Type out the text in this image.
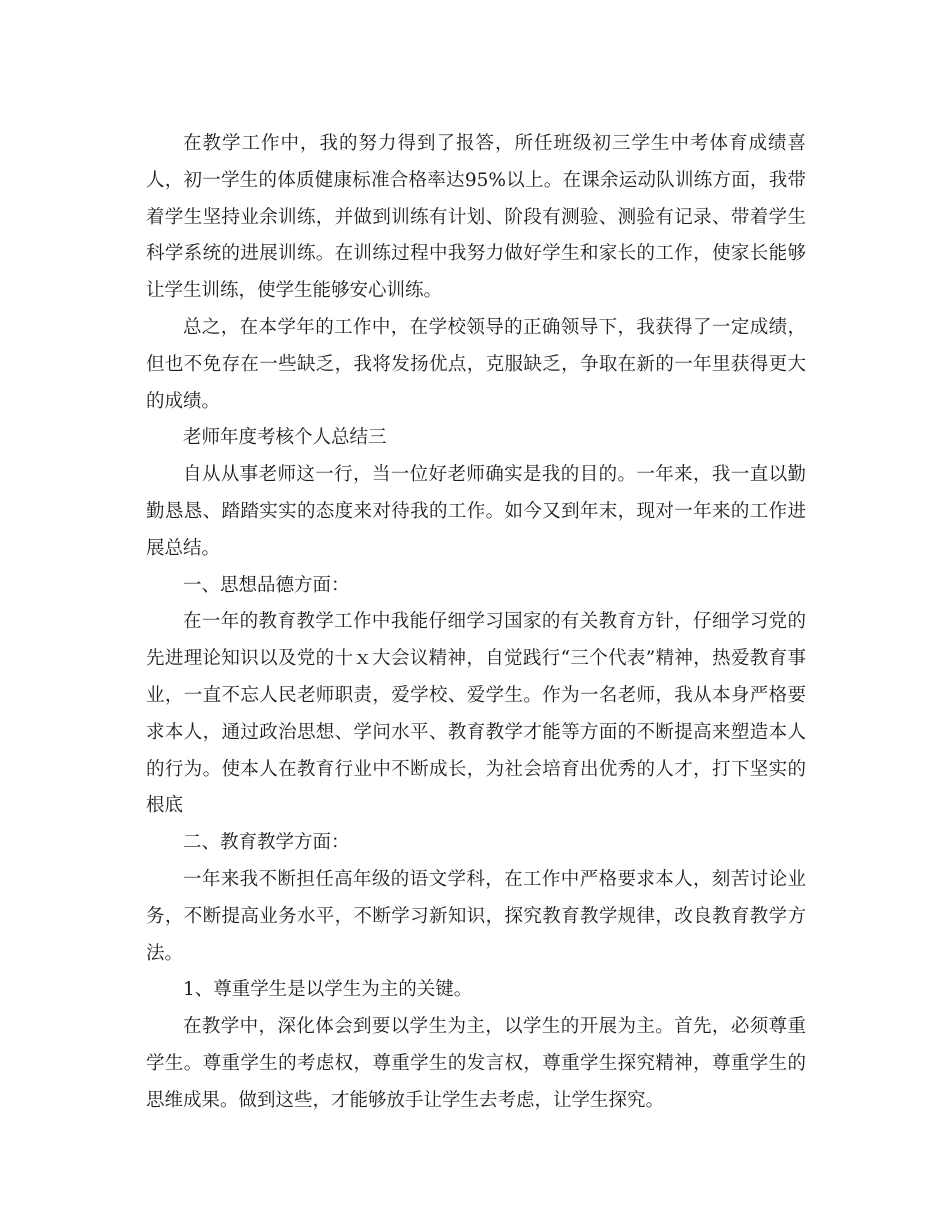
在教学工作中，我的努力得到了报答，所任班级初三学生中考体育成绩喜人，初一学生的体质健康标准合格率达95%以上。在课余运动队训练方面，我带着学生坚持业余训练，并做到训练有计划、阶段有测验、测验有记录、带着学生科学系统的进展训练。在训练过程中我努力做好学生和家长的工作，使家长能够让学生训练，使学生能够安心训练。

总之，在本学年的工作中，在学校领导的正确领导下，我获得了一定成绩，但也不免存在一些缺乏，我将发扬优点，克服缺乏，争取在新的一年里获得更大的成绩。

老师年度考核个人总结三

自从从事老师这一行，当一位好老师确实是我的目的。一年来，我一直以勤勤恳恳、踏踏实实的态度来对待我的工作。如今又到年末，现对一年来的工作进展总结。

一、思想品德方面：

在一年的教育教学工作中我能仔细学习国家的有关教育方针，仔细学习党的先进理论知识以及党的十ｘ大会议精神，自觉践行“三个代表”精神，热爱教育事业，一直不忘人民老师职责，爱学校、爱学生。作为一名老师，我从本身严格要求本人，通过政治思想、学问水平、教育教学才能等方面的不断提高来塑造本人的行为。使本人在教育行业中不断成长，为社会培育出优秀的人才，打下坚实的根底

二、教育教学方面：

一年来我不断担任高年级的语文学科，在工作中严格要求本人，刻苦讨论业务，不断提高业务水平，不断学习新知识，探究教育教学规律，改良教育教学方法。

1、尊重学生是以学生为主的关键。

在教学中，深化体会到要以学生为主，以学生的开展为主。首先，必须尊重学生。尊重学生的考虑权，尊重学生的发言权，尊重学生探究精神，尊重学生的思维成果。做到这些，才能够放手让学生去考虑，让学生探究。
